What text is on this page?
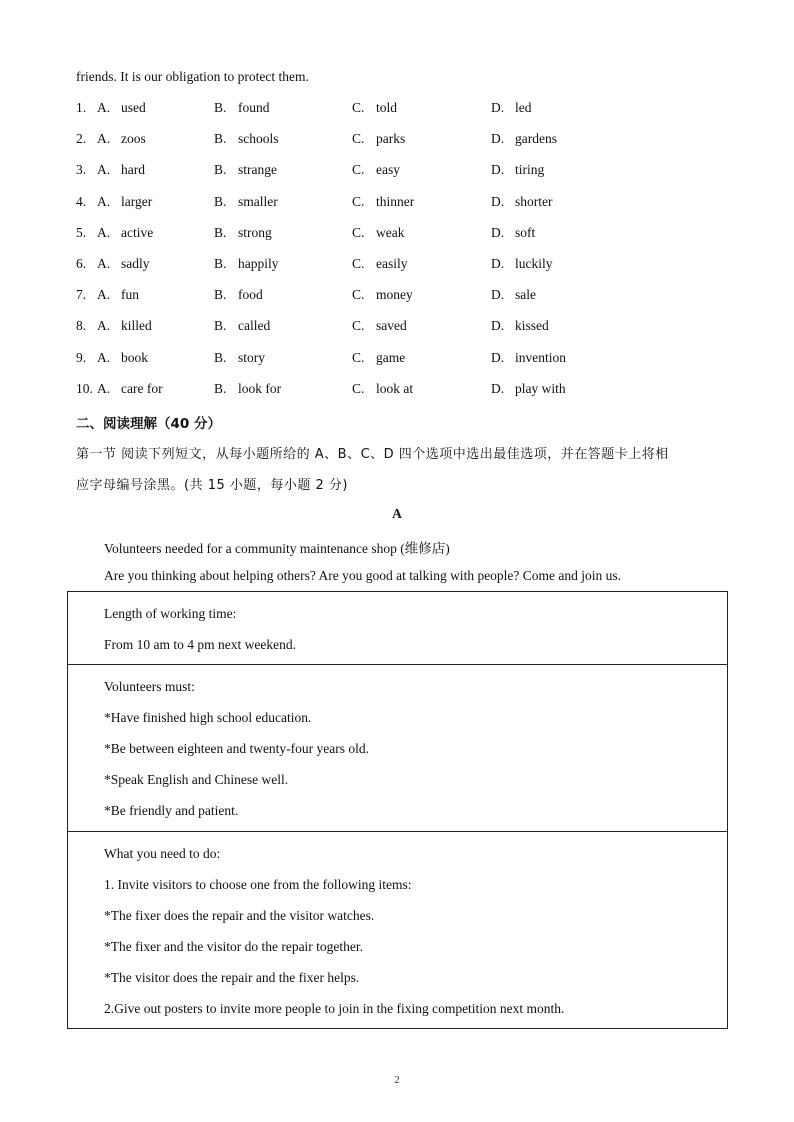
friends. It is our obligation to protect them.
1. A. used	B. found	C. told	D. led
2. A. zoos	B. schools	C. parks	D. gardens
3. A. hard	B. strange	C. easy	D. tiring
4. A. larger	B. smaller	C. thinner	D. shorter
5. A. active	B. strong	C. weak	D. soft
6. A. sadly	B. happily	C. easily	D. luckily
7. A. fun	B. food	C. money	D. sale
8. A. killed	B. called	C. saved	D. kissed
9. A. book	B. story	C. game	D. invention
10. A. care for	B. look for	C. look at	D. play with
二、阅读理解（40 分）
第一节 阅读下列短文，从每小题所给的 A、B、C、D 四个选项中选出最佳选项，并在答题卡上将相
应字母编号涂黑。(共 15 小题，每小题 2 分)
A
Volunteers needed for a community maintenance shop (维修店)
Are you thinking about helping others? Are you good at talking with people? Come and join us.
Length of working time:
From 10 am to 4 pm next weekend.
Volunteers must:
*Have finished high school education.
*Be between eighteen and twenty-four years old.
*Speak English and Chinese well.
*Be friendly and patient.
What you need to do:
1. Invite visitors to choose one from the following items:
*The fixer does the repair and the visitor watches.
*The fixer and the visitor do the repair together.
*The visitor does the repair and the fixer helps.
2.Give out posters to invite more people to join in the fixing competition next month.
2
